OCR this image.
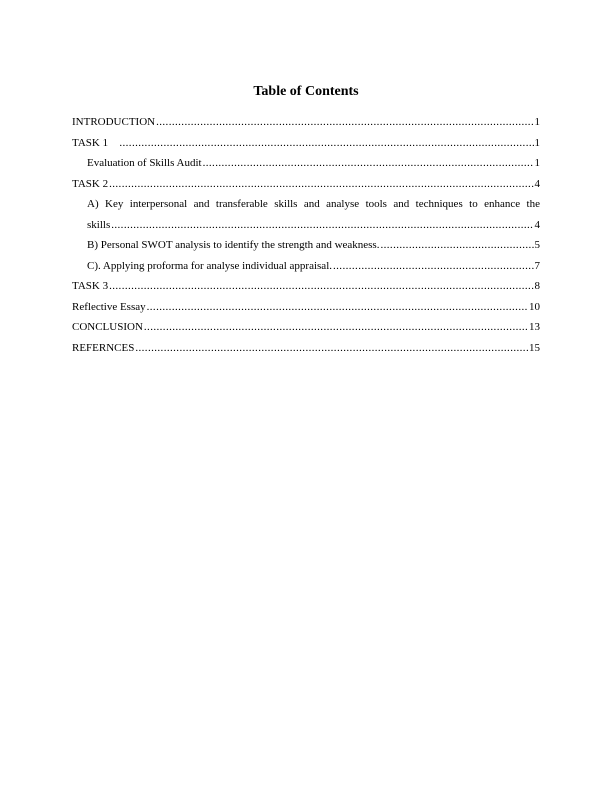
Table of Contents
INTRODUCTION .....	1
TASK 1 .....	1
Evaluation of Skills Audit .....	1
TASK 2 .....	4
A) Key interpersonal and transferable skills and analyse tools and techniques to enhance the
skills .....	4
B) Personal SWOT analysis to identify the strength and weakness. .....	5
C). Applying proforma for analyse individual appraisal. .....	7
TASK 3 .....	8
Reflective Essay .....	10
CONCLUSION .....	13
REFERNCES .....	15
